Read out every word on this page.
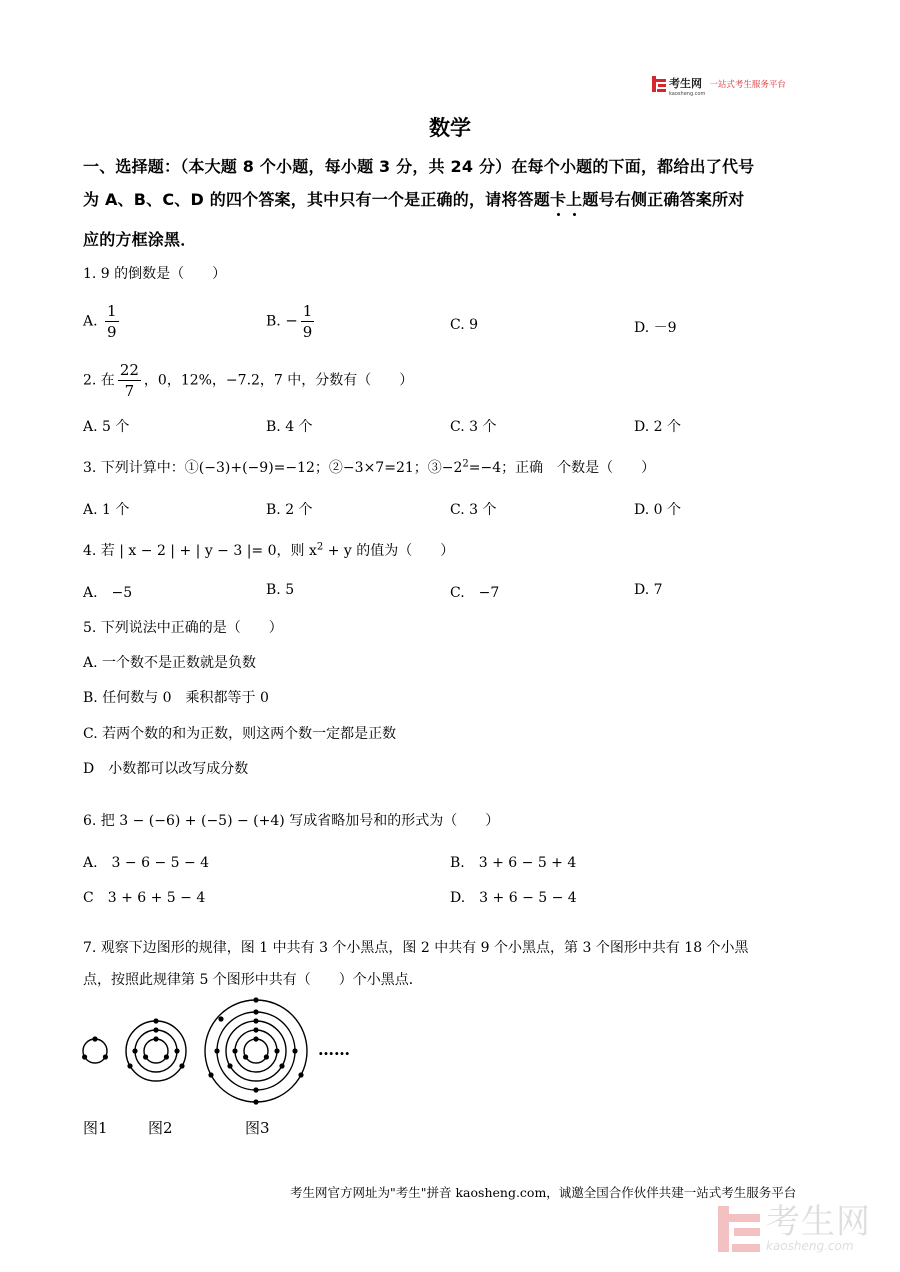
考生网
kaosheng.com
一站式考生服务平台
数学
一、选择题：（本大题 8 个小题，每小题 3 分，共 24 分）在每个小题的下面，都给出了代号
为 A、B、C、D 的四个答案，其中只有一个是正确的，请将答题卡上题号右侧正确答案所对
应的方框涂黑．
1. 9 的倒数是（　　）
A. $\frac{1}{9}$	B. − $\frac{1}{9}$	C. 9	D. －9
2. 在 $\frac{22}{7}$ ，0，12%，−7.2，7 中，分数有（　　）
A. 5 个	B. 4 个	C. 3 个	D. 2 个
3. 下列计算中：①(−3)+(−9)=−12；②−3×7=21；$③-2^2=-4$；正确　个数是（　　）
A. 1 个	B. 2 个	C. 3 个	D. 0 个
4. 若 | x − 2 | + | y − 3 |= 0，则 $x^2 + y$ 的值为（　　）
A.　−5	B. 5	C.　−7	D. 7
5. 下列说法中正确的是（　　）
A. 一个数不是正数就是负数
B. 任何数与 0　乘积都等于 0
C. 若两个数的和为正数，则这两个数一定都是正数
D　小数都可以改写成分数
6. 把 3 − (−6) + (−5) − (+4) 写成省略加号和的形式为（　　）
A.　3 − 6 − 5 − 4	B.　3 + 6 − 5 + 4
C　3 + 6 + 5 − 4	D.　3 + 6 − 5 − 4
7. 观察下边图形的规律，图 1 中共有 3 个小黑点，图 2 中共有 9 个小黑点，第 3 个图形中共有 18 个小黑
点，按照此规律第 5 个图形中共有（　　）个小黑点．
……
图1	图2	图3
考生网官方网址为"考生"拼音 kaosheng.com，诚邀全国合作伙伴共建一站式考生服务平台
考生网
kaosheng.com
